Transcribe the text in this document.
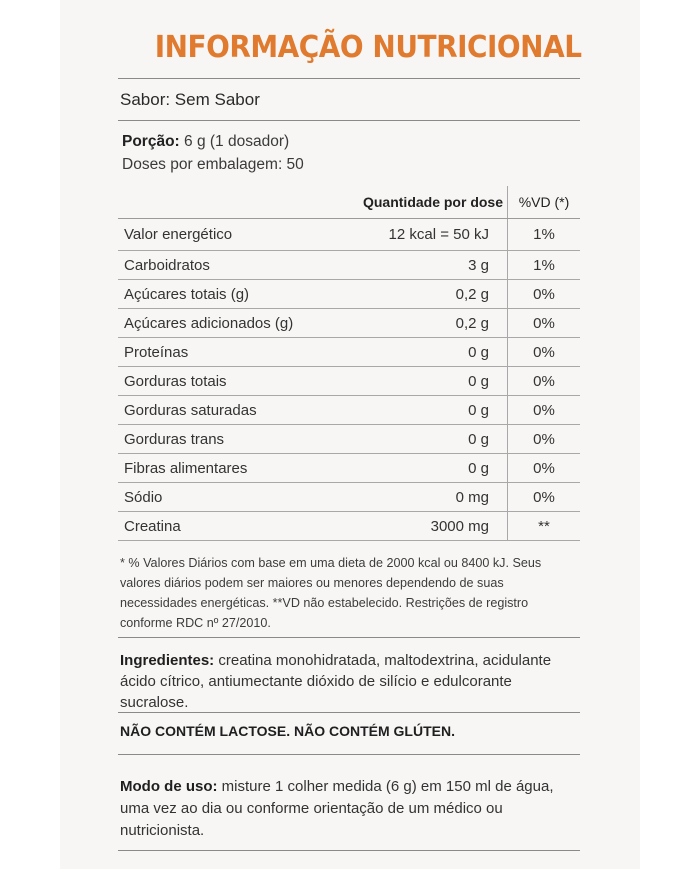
INFORMAÇÃO NUTRICIONAL
Sabor: Sem Sabor
Porção: 6 g (1 dosador)
Doses por embalagem: 50
	Quantidade por dose	%VD (*)
Valor energético	12 kcal = 50 kJ	1%
Carboidratos	3 g	1%
Açúcares totais (g)	0,2 g	0%
Açúcares adicionados (g)	0,2 g	0%
Proteínas	0 g	0%
Gorduras totais	0 g	0%
Gorduras saturadas	0 g	0%
Gorduras trans	0 g	0%
Fibras alimentares	0 g	0%
Sódio	0 mg	0%
Creatina	3000 mg	**
* % Valores Diários com base em uma dieta de 2000 kcal ou 8400 kJ. Seus valores diários podem ser maiores ou menores dependendo de suas necessidades energéticas. **VD não estabelecido. Restrições de registro conforme RDC nº 27/2010.
Ingredientes: creatina monohidratada, maltodextrina, acidulante ácido cítrico, antiumectante dióxido de silício e edulcorante sucralose.
NÃO CONTÉM LACTOSE. NÃO CONTÉM GLÚTEN.
Modo de uso: misture 1 colher medida (6 g) em 150 ml de água, uma vez ao dia ou conforme orientação de um médico ou nutricionista.
